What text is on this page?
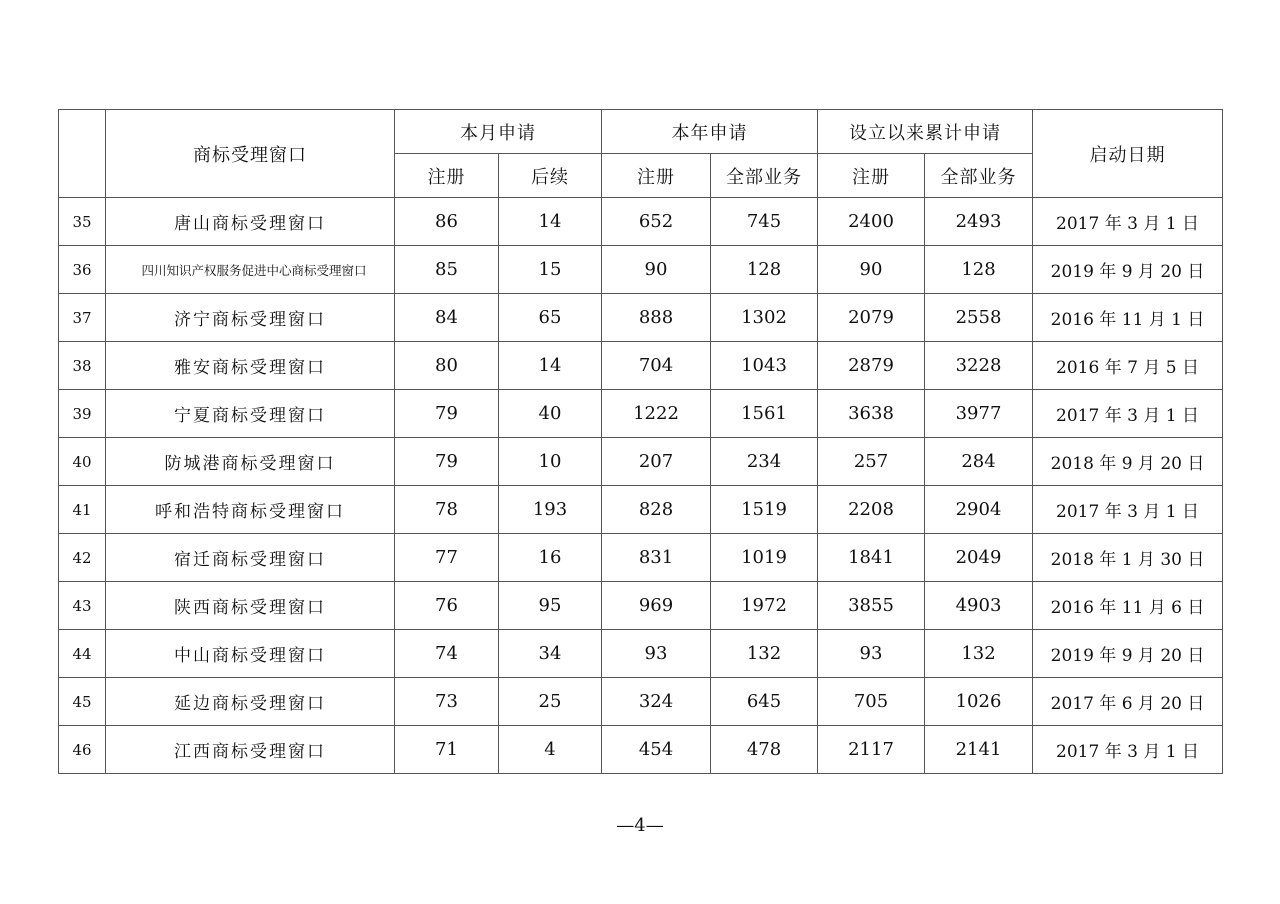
	商标受理窗口	本月申请		本年申请		设立以来累计申请		启动日期
		注册	后续	注册	全部业务	注册	全部业务	
35	唐山商标受理窗口	86	14	652	745	2400	2493	2017 年 3 月 1 日
36	四川知识产权服务促进中心商标受理窗口	85	15	90	128	90	128	2019 年 9 月 20 日
37	济宁商标受理窗口	84	65	888	1302	2079	2558	2016 年 11 月 1 日
38	雅安商标受理窗口	80	14	704	1043	2879	3228	2016 年 7 月 5 日
39	宁夏商标受理窗口	79	40	1222	1561	3638	3977	2017 年 3 月 1 日
40	防城港商标受理窗口	79	10	207	234	257	284	2018 年 9 月 20 日
41	呼和浩特商标受理窗口	78	193	828	1519	2208	2904	2017 年 3 月 1 日
42	宿迁商标受理窗口	77	16	831	1019	1841	2049	2018 年 1 月 30 日
43	陕西商标受理窗口	76	95	969	1972	3855	4903	2016 年 11 月 6 日
44	中山商标受理窗口	74	34	93	132	93	132	2019 年 9 月 20 日
45	延边商标受理窗口	73	25	324	645	705	1026	2017 年 6 月 20 日
46	江西商标受理窗口	71	4	454	478	2117	2141	2017 年 3 月 1 日
—4—
